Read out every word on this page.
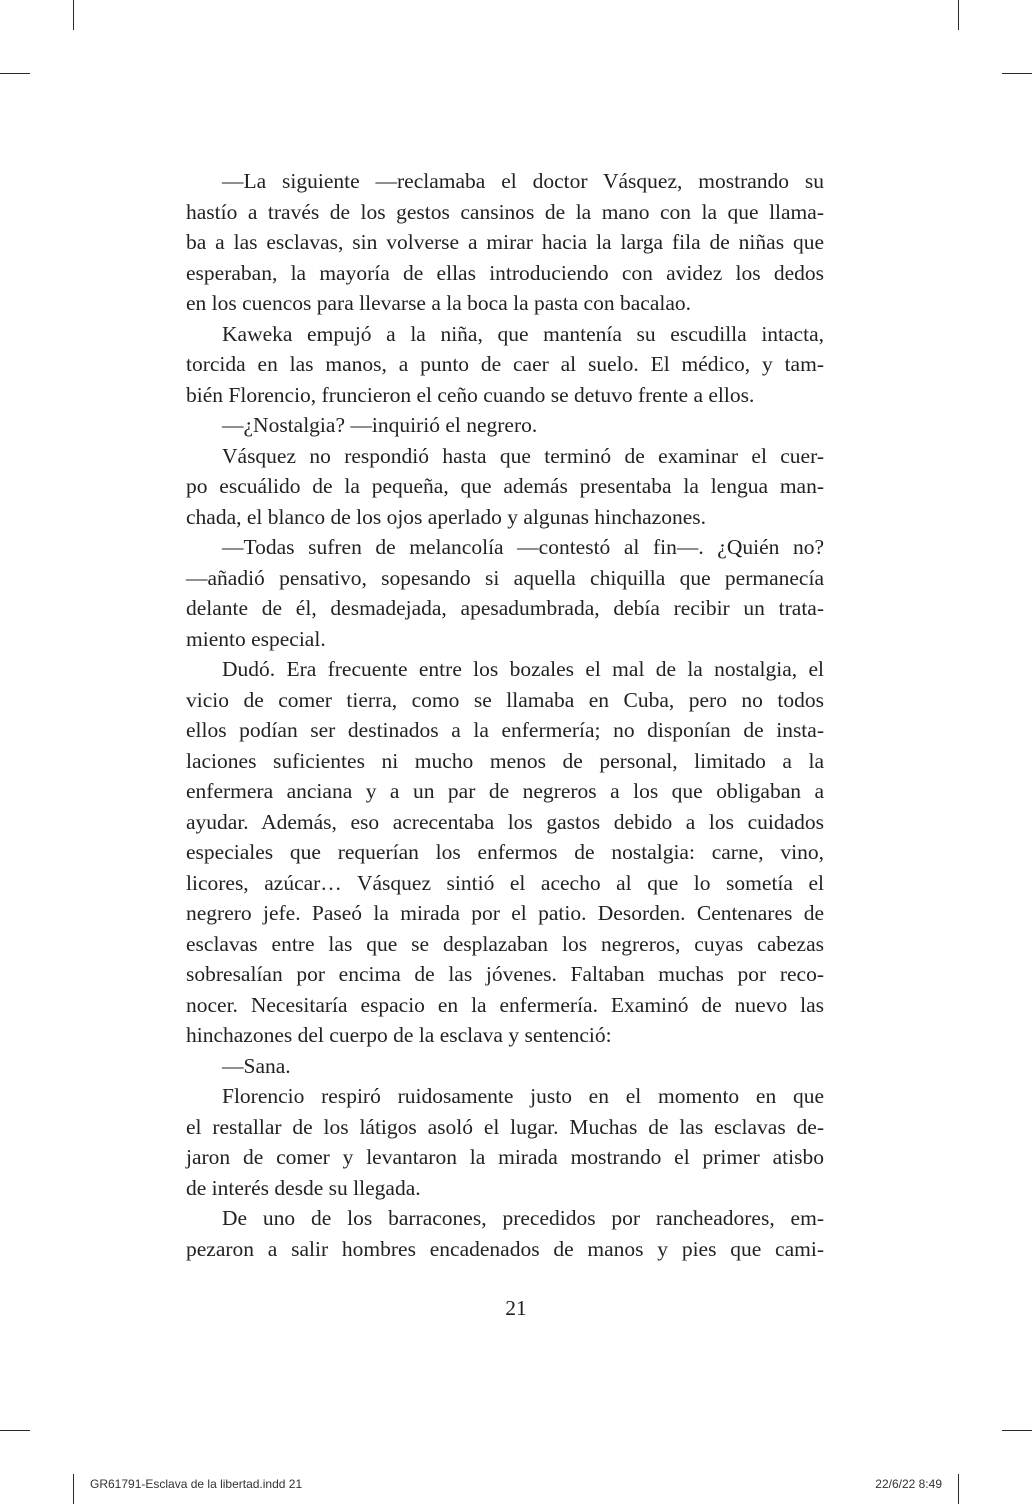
—La siguiente —reclamaba el doctor Vásquez, mostrando su
hastío a través de los gestos cansinos de la mano con la que llama-
ba a las esclavas, sin volverse a mirar hacia la larga fila de niñas que
esperaban, la mayoría de ellas introduciendo con avidez los dedos
en los cuencos para llevarse a la boca la pasta con bacalao.
Kaweka empujó a la niña, que mantenía su escudilla intacta,
torcida en las manos, a punto de caer al suelo. El médico, y tam-
bién Florencio, fruncieron el ceño cuando se detuvo frente a ellos.
—¿Nostalgia? —inquirió el negrero.
Vásquez no respondió hasta que terminó de examinar el cuer-
po escuálido de la pequeña, que además presentaba la lengua man-
chada, el blanco de los ojos aperlado y algunas hinchazones.
—Todas sufren de melancolía —contestó al fin—. ¿Quién no?
—añadió pensativo, sopesando si aquella chiquilla que permanecía
delante de él, desmadejada, apesadumbrada, debía recibir un trata-
miento especial.
Dudó. Era frecuente entre los bozales el mal de la nostalgia, el
vicio de comer tierra, como se llamaba en Cuba, pero no todos
ellos podían ser destinados a la enfermería; no disponían de insta-
laciones suficientes ni mucho menos de personal, limitado a la
enfermera anciana y a un par de negreros a los que obligaban a
ayudar. Además, eso acrecentaba los gastos debido a los cuidados
especiales que requerían los enfermos de nostalgia: carne, vino,
licores, azúcar… Vásquez sintió el acecho al que lo sometía el
negrero jefe. Paseó la mirada por el patio. Desorden. Centenares de
esclavas entre las que se desplazaban los negreros, cuyas cabezas
sobresalían por encima de las jóvenes. Faltaban muchas por reco-
nocer. Necesitaría espacio en la enfermería. Examinó de nuevo las
hinchazones del cuerpo de la esclava y sentenció:
—Sana.
Florencio respiró ruidosamente justo en el momento en que
el restallar de los látigos asoló el lugar. Muchas de las esclavas de-
jaron de comer y levantaron la mirada mostrando el primer atisbo
de interés desde su llegada.
De uno de los barracones, precedidos por rancheadores, em-
pezaron a salir hombres encadenados de manos y pies que cami-
21
GR61791-Esclava de la libertad.indd 21	22/6/22 8:49
